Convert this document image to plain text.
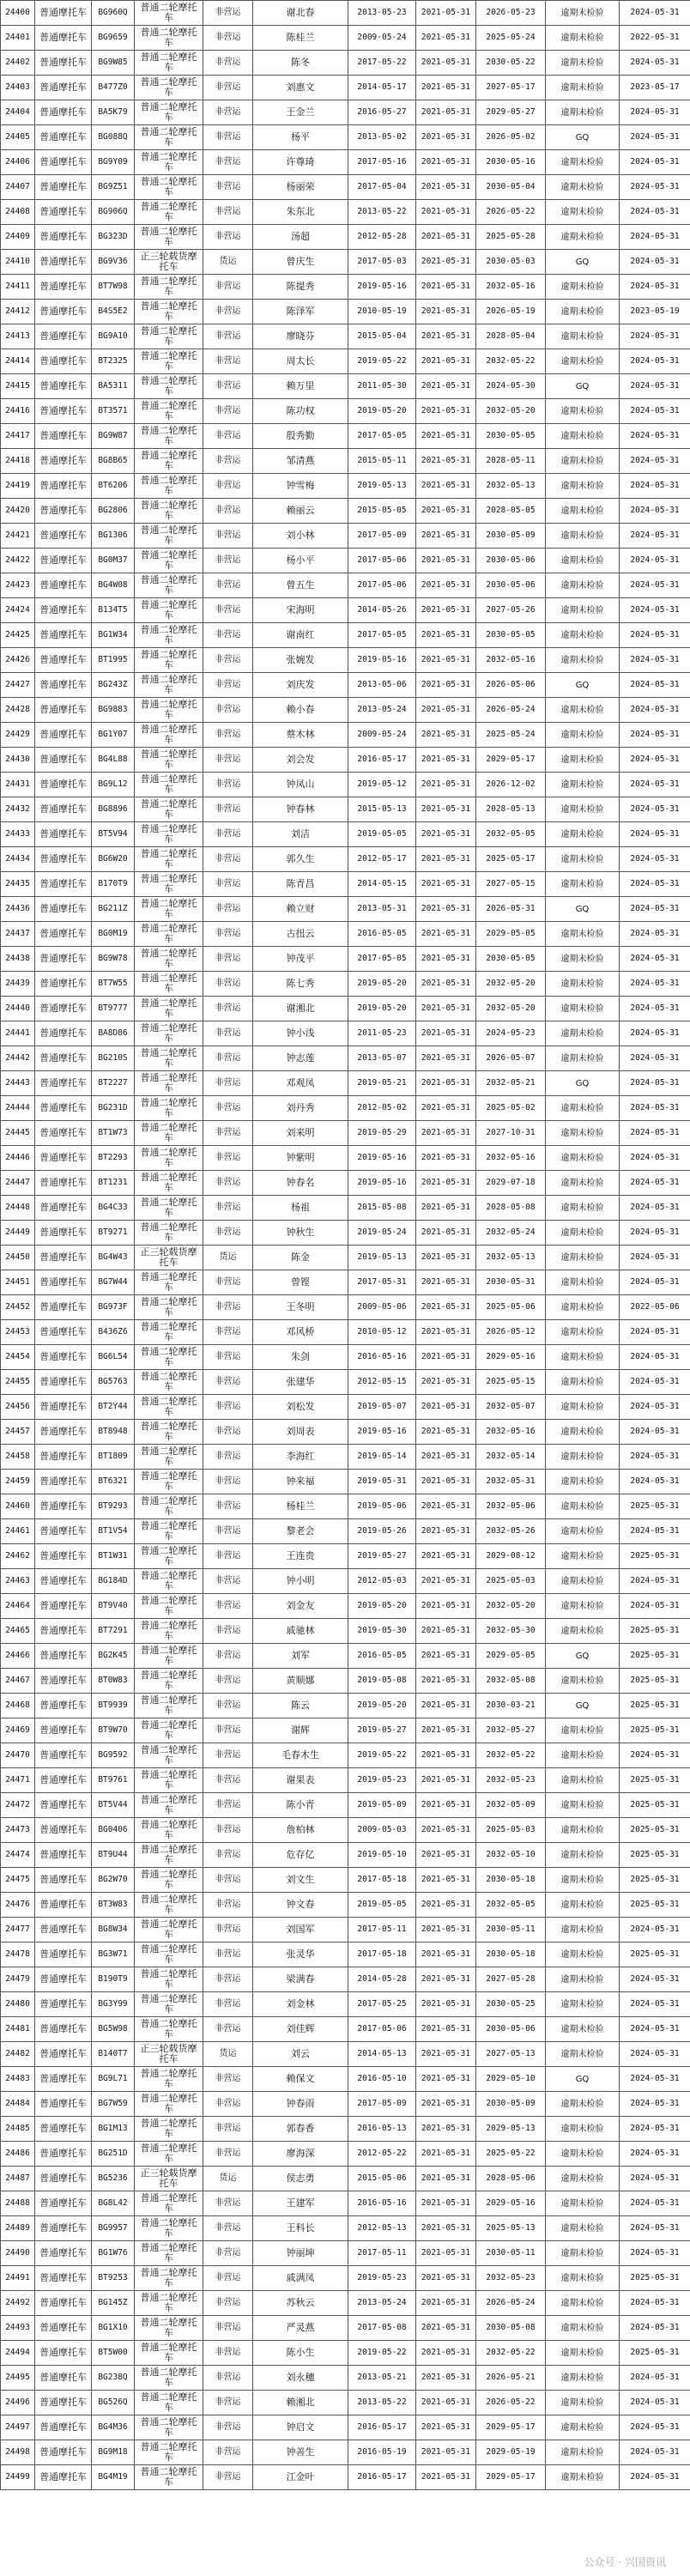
24400	普通摩托车	BG960Q	普通二轮摩托车	非营运	谢北春	2013-05-23	2021-05-31	2026-05-23	逾期未检验	2024-05-31
24401	普通摩托车	BG9659	普通二轮摩托车	非营运	陈桂兰	2009-05-24	2021-05-31	2025-05-24	逾期未检验	2022-05-31
24402	普通摩托车	BG9W85	普通二轮摩托车	非营运	陈冬	2017-05-22	2021-05-31	2030-05-22	逾期未检验	2024-05-31
24403	普通摩托车	B477Z0	普通二轮摩托车	非营运	刘惠文	2014-05-17	2021-05-31	2027-05-17	逾期未检验	2023-05-17
24404	普通摩托车	BA5K79	普通二轮摩托车	非营运	王金兰	2016-05-27	2021-05-31	2029-05-27	逾期未检验	2024-05-31
24405	普通摩托车	BG088Q	普通二轮摩托车	非营运	杨平	2013-05-02	2021-05-31	2026-05-02	GQ	2024-05-31
24406	普通摩托车	BG9Y09	普通二轮摩托车	非营运	许尊琦	2017-05-16	2021-05-31	2030-05-16	逾期未检验	2024-05-31
24407	普通摩托车	BG9Z51	普通二轮摩托车	非营运	杨丽荣	2017-05-04	2021-05-31	2030-05-04	逾期未检验	2024-05-31
24408	普通摩托车	BG906Q	普通二轮摩托车	非营运	朱东北	2013-05-22	2021-05-31	2026-05-22	逾期未检验	2024-05-31
24409	普通摩托车	BG323D	普通二轮摩托车	非营运	汤超	2012-05-28	2021-05-31	2025-05-28	逾期未检验	2024-05-31
24410	普通摩托车	BG9V36	正三轮载货摩托车	货运	曾庆生	2017-05-03	2021-05-31	2030-05-03	GQ	2024-05-31
24411	普通摩托车	BT7W98	普通二轮摩托车	非营运	陈提秀	2019-05-16	2021-05-31	2032-05-16	逾期未检验	2024-05-31
24412	普通摩托车	B4S5E2	普通二轮摩托车	非营运	陈泽军	2010-05-19	2021-05-31	2026-05-19	逾期未检验	2023-05-19
24413	普通摩托车	BG9A10	普通二轮摩托车	非营运	廖晓芬	2015-05-04	2021-05-31	2028-05-04	逾期未检验	2024-05-31
24414	普通摩托车	BT2325	普通二轮摩托车	非营运	周太长	2019-05-22	2021-05-31	2032-05-22	逾期未检验	2024-05-31
24415	普通摩托车	BA5311	普通二轮摩托车	非营运	赖万里	2011-05-30	2021-05-31	2024-05-30	GQ	2024-05-31
24416	普通摩托车	BT3571	普通二轮摩托车	非营运	陈功权	2019-05-20	2021-05-31	2032-05-20	逾期未检验	2024-05-31
24417	普通摩托车	BG9W87	普通二轮摩托车	非营运	殷秀勤	2017-05-05	2021-05-31	2030-05-05	逾期未检验	2024-05-31
24418	普通摩托车	BG8B65	普通二轮摩托车	非营运	邹清燕	2015-05-11	2021-05-31	2028-05-11	逾期未检验	2024-05-31
24419	普通摩托车	BT6206	普通二轮摩托车	非营运	钟雪梅	2019-05-13	2021-05-31	2032-05-13	逾期未检验	2024-05-31
24420	普通摩托车	BG2806	普通二轮摩托车	非营运	赖丽云	2015-05-05	2021-05-31	2028-05-05	逾期未检验	2024-05-31
24421	普通摩托车	BG1306	普通二轮摩托车	非营运	刘小林	2017-05-09	2021-05-31	2030-05-09	逾期未检验	2024-05-31
24422	普通摩托车	BG0M37	普通二轮摩托车	非营运	杨小平	2017-05-06	2021-05-31	2030-05-06	逾期未检验	2024-05-31
24423	普通摩托车	BG4W08	普通二轮摩托车	非营运	曾五生	2017-05-06	2021-05-31	2030-05-06	逾期未检验	2024-05-31
24424	普通摩托车	B134T5	普通二轮摩托车	非营运	宋海明	2014-05-26	2021-05-31	2027-05-26	逾期未检验	2024-05-31
24425	普通摩托车	BG1W34	普通二轮摩托车	非营运	谢南红	2017-05-05	2021-05-31	2030-05-05	逾期未检验	2024-05-31
24426	普通摩托车	BT1995	普通二轮摩托车	非营运	张婉发	2019-05-16	2021-05-31	2032-05-16	逾期未检验	2024-05-31
24427	普通摩托车	BG243Z	普通二轮摩托车	非营运	刘庆发	2013-05-06	2021-05-31	2026-05-06	GQ	2024-05-31
24428	普通摩托车	BG9883	普通二轮摩托车	非营运	赖小春	2013-05-24	2021-05-31	2026-05-24	逾期未检验	2024-05-31
24429	普通摩托车	BG1Y07	普通二轮摩托车	非营运	蔡木林	2009-05-24	2021-05-31	2025-05-24	逾期未检验	2024-05-31
24430	普通摩托车	BG4L88	普通二轮摩托车	非营运	刘会发	2016-05-17	2021-05-31	2029-05-17	逾期未检验	2024-05-31
24431	普通摩托车	BG9L12	普通二轮摩托车	非营运	钟凤山	2019-05-12	2021-05-31	2026-12-02	逾期未检验	2024-05-31
24432	普通摩托车	BG8896	普通二轮摩托车	非营运	钟春林	2015-05-13	2021-05-31	2028-05-13	逾期未检验	2024-05-31
24433	普通摩托车	BT5V94	普通二轮摩托车	非营运	刘洁	2019-05-05	2021-05-31	2032-05-05	逾期未检验	2024-05-31
24434	普通摩托车	BG6W20	普通二轮摩托车	非营运	郭久生	2012-05-17	2021-05-31	2025-05-17	逾期未检验	2024-05-31
24435	普通摩托车	B170T9	普通二轮摩托车	非营运	陈青昌	2014-05-15	2021-05-31	2027-05-15	逾期未检验	2024-05-31
24436	普通摩托车	BG211Z	普通二轮摩托车	非营运	赖立财	2013-05-31	2021-05-31	2026-05-31	GQ	2024-05-31
24437	普通摩托车	BG0M19	普通二轮摩托车	非营运	古扭云	2016-05-05	2021-05-31	2029-05-05	逾期未检验	2024-05-31
24438	普通摩托车	BG9W78	普通二轮摩托车	非营运	钟茂平	2017-05-05	2021-05-31	2030-05-05	逾期未检验	2024-05-31
24439	普通摩托车	BT7W55	普通二轮摩托车	非营运	陈七秀	2019-05-20	2021-05-31	2032-05-20	逾期未检验	2024-05-31
24440	普通摩托车	BT9777	普通二轮摩托车	非营运	谢湘北	2019-05-20	2021-05-31	2032-05-20	逾期未检验	2024-05-31
24441	普通摩托车	BA8D86	普通二轮摩托车	非营运	钟小浅	2011-05-23	2021-05-31	2024-05-23	逾期未检验	2024-05-31
24442	普通摩托车	BG210S	普通二轮摩托车	非营运	钟志莲	2013-05-07	2021-05-31	2026-05-07	逾期未检验	2024-05-31
24443	普通摩托车	BT2227	普通二轮摩托车	非营运	邓观凤	2019-05-21	2021-05-31	2032-05-21	GQ	2024-05-31
24444	普通摩托车	BG231D	普通二轮摩托车	非营运	刘丹秀	2012-05-02	2021-05-31	2025-05-02	逾期未检验	2024-05-31
24445	普通摩托车	BT1W73	普通二轮摩托车	非营运	刘来明	2019-05-29	2021-05-31	2027-10-31	逾期未检验	2024-05-31
24446	普通摩托车	BT2293	普通二轮摩托车	非营运	钟紫明	2019-05-16	2021-05-31	2032-05-16	逾期未检验	2024-05-31
24447	普通摩托车	BT1231	普通二轮摩托车	非营运	钟春名	2019-05-16	2021-05-31	2029-07-18	逾期未检验	2024-05-31
24448	普通摩托车	BG4C33	普通二轮摩托车	非营运	杨祖	2015-05-08	2021-05-31	2028-05-08	逾期未检验	2024-05-31
24449	普通摩托车	BT9271	普通二轮摩托车	非营运	钟秋生	2019-05-24	2021-05-31	2032-05-24	逾期未检验	2024-05-31
24450	普通摩托车	BG4W43	正三轮载货摩托车	货运	陈金	2019-05-13	2021-05-31	2032-05-13	逾期未检验	2024-05-31
24451	普通摩托车	BG7W44	普通二轮摩托车	非营运	曾铿	2017-05-31	2021-05-31	2030-05-31	逾期未检验	2024-05-31
24452	普通摩托车	BG973F	普通二轮摩托车	非营运	王冬明	2009-05-06	2021-05-31	2025-05-06	逾期未检验	2022-05-06
24453	普通摩托车	B436Z6	普通二轮摩托车	非营运	邓风桥	2010-05-12	2021-05-31	2026-05-12	逾期未检验	2024-05-31
24454	普通摩托车	BG6L54	普通二轮摩托车	非营运	朱剑	2016-05-16	2021-05-31	2029-05-16	逾期未检验	2024-05-31
24455	普通摩托车	BG5763	普通二轮摩托车	非营运	张建华	2012-05-15	2021-05-31	2025-05-15	逾期未检验	2024-05-31
24456	普通摩托车	BT2Y44	普通二轮摩托车	非营运	刘松发	2019-05-07	2021-05-31	2032-05-07	逾期未检验	2024-05-31
24457	普通摩托车	BT8948	普通二轮摩托车	非营运	刘周表	2019-05-16	2021-05-31	2032-05-16	逾期未检验	2024-05-31
24458	普通摩托车	BT1809	普通二轮摩托车	非营运	李海红	2019-05-14	2021-05-31	2032-05-14	逾期未检验	2024-05-31
24459	普通摩托车	BT6321	普通二轮摩托车	非营运	钟来福	2019-05-31	2021-05-31	2032-05-31	逾期未检验	2024-05-31
24460	普通摩托车	BT9293	普通二轮摩托车	非营运	杨桂兰	2019-05-06	2021-05-31	2032-05-06	逾期未检验	2025-05-31
24461	普通摩托车	BT1V54	普通二轮摩托车	非营运	黎老会	2019-05-26	2021-05-31	2032-05-26	逾期未检验	2024-05-31
24462	普通摩托车	BT1W31	普通二轮摩托车	非营运	王连贵	2019-05-27	2021-05-31	2029-08-12	逾期未检验	2025-05-31
24463	普通摩托车	BG184D	普通二轮摩托车	非营运	钟小明	2012-05-03	2021-05-31	2025-05-03	逾期未检验	2024-05-31
24464	普通摩托车	BT9V40	普通二轮摩托车	非营运	刘金友	2019-05-20	2021-05-31	2032-05-20	逾期未检验	2024-05-31
24465	普通摩托车	BT7291	普通二轮摩托车	非营运	戚驰林	2019-05-30	2021-05-31	2032-05-30	逾期未检验	2025-05-31
24466	普通摩托车	BG2K45	普通二轮摩托车	非营运	刘军	2016-05-05	2021-05-31	2029-05-05	GQ	2025-05-31
24467	普通摩托车	BT0W83	普通二轮摩托车	非营运	黄顺娜	2019-05-08	2021-05-31	2032-05-08	逾期未检验	2025-05-31
24468	普通摩托车	BT9939	普通二轮摩托车	非营运	陈云	2019-05-20	2021-05-31	2030-03-21	GQ	2025-05-31
24469	普通摩托车	BT9W70	普通二轮摩托车	非营运	谢辉	2019-05-27	2021-05-31	2032-05-27	逾期未检验	2025-05-31
24470	普通摩托车	BG9592	普通二轮摩托车	非营运	毛春木生	2019-05-22	2021-05-31	2032-05-22	逾期未检验	2024-05-31
24471	普通摩托车	BT9761	普通二轮摩托车	非营运	谢果表	2019-05-23	2021-05-31	2032-05-23	逾期未检验	2025-05-31
24472	普通摩托车	BT5V44	普通二轮摩托车	非营运	陈小青	2019-05-09	2021-05-31	2032-05-09	逾期未检验	2025-05-31
24473	普通摩托车	BG0406	普通二轮摩托车	非营运	詹柏林	2009-05-03	2021-05-31	2025-05-03	逾期未检验	2025-05-31
24474	普通摩托车	BT9U44	普通二轮摩托车	非营运	危存亿	2019-05-10	2021-05-31	2032-05-10	逾期未检验	2025-05-31
24475	普通摩托车	BG2W70	普通二轮摩托车	非营运	刘文生	2017-05-18	2021-05-31	2030-05-18	逾期未检验	2025-05-31
24476	普通摩托车	BT3W83	普通二轮摩托车	非营运	钟文春	2019-05-05	2021-05-31	2032-05-05	逾期未检验	2025-05-31
24477	普通摩托车	BG8W34	普通二轮摩托车	非营运	刘国军	2017-05-11	2021-05-31	2030-05-11	逾期未检验	2024-05-31
24478	普通摩托车	BG3W71	普通二轮摩托车	非营运	张灵华	2017-05-18	2021-05-31	2030-05-18	逾期未检验	2025-05-31
24479	普通摩托车	B190T9	普通二轮摩托车	非营运	梁满春	2014-05-28	2021-05-31	2027-05-28	逾期未检验	2024-05-31
24480	普通摩托车	BG3Y99	普通二轮摩托车	非营运	刘金林	2017-05-25	2021-05-31	2030-05-25	逾期未检验	2024-05-31
24481	普通摩托车	BG5W98	普通二轮摩托车	非营运	刘佳辉	2017-05-06	2021-05-31	2030-05-06	逾期未检验	2024-05-31
24482	普通摩托车	B140T7	正三轮载货摩托车	货运	刘云	2014-05-13	2021-05-31	2027-05-13	逾期未检验	2024-05-31
24483	普通摩托车	BG9L71	普通二轮摩托车	非营运	赖保文	2016-05-10	2021-05-31	2029-05-10	GQ	2024-05-31
24484	普通摩托车	BG7W59	普通二轮摩托车	非营运	钟春雨	2017-05-09	2021-05-31	2030-05-09	逾期未检验	2024-05-31
24485	普通摩托车	BG1M13	普通二轮摩托车	非营运	郭春香	2016-05-13	2021-05-31	2029-05-13	逾期未检验	2024-05-31
24486	普通摩托车	BG251D	普通二轮摩托车	非营运	廖海深	2012-05-22	2021-05-31	2025-05-22	逾期未检验	2024-05-31
24487	普通摩托车	BG5236	正三轮载货摩托车	货运	侯志勇	2015-05-06	2021-05-31	2028-05-06	逾期未检验	2024-05-31
24488	普通摩托车	BG8L42	普通二轮摩托车	非营运	王建军	2016-05-16	2021-05-31	2029-05-16	逾期未检验	2024-05-31
24489	普通摩托车	BG9957	普通二轮摩托车	非营运	王科长	2012-05-13	2021-05-31	2025-05-13	逾期未检验	2024-05-31
24490	普通摩托车	BG1W76	普通二轮摩托车	非营运	钟丽坤	2017-05-11	2021-05-31	2030-05-11	逾期未检验	2024-05-31
24491	普通摩托车	BT9253	普通二轮摩托车	非营运	戚满凤	2019-05-23	2021-05-31	2032-05-23	逾期未检验	2025-05-31
24492	普通摩托车	BG145Z	普通二轮摩托车	非营运	苏秋云	2013-05-24	2021-05-31	2026-05-24	逾期未检验	2024-05-31
24493	普通摩托车	BG1X10	普通二轮摩托车	非营运	严灵燕	2017-05-08	2021-05-31	2030-05-08	逾期未检验	2024-05-31
24494	普通摩托车	BT5W00	普通二轮摩托车	非营运	陈小生	2019-05-22	2021-05-31	2032-05-22	逾期未检验	2025-05-31
24495	普通摩托车	BG238Q	普通二轮摩托车	非营运	刘永穗	2013-05-21	2021-05-31	2026-05-21	逾期未检验	2024-05-31
24496	普通摩托车	BG526Q	普通二轮摩托车	非营运	赖湘北	2013-05-22	2021-05-31	2026-05-22	逾期未检验	2024-05-31
24497	普通摩托车	BG4M36	普通二轮摩托车	非营运	钟启文	2016-05-17	2021-05-31	2029-05-17	逾期未检验	2024-05-31
24498	普通摩托车	BG9M18	普通二轮摩托车	非营运	钟善生	2016-05-19	2021-05-31	2029-05-19	逾期未检验	2024-05-31
24499	普通摩托车	BG4M19	普通二轮摩托车	非营运	江金叶	2016-05-17	2021-05-31	2029-05-17	逾期未检验	2024-05-31
公众号 · 兴国资讯
